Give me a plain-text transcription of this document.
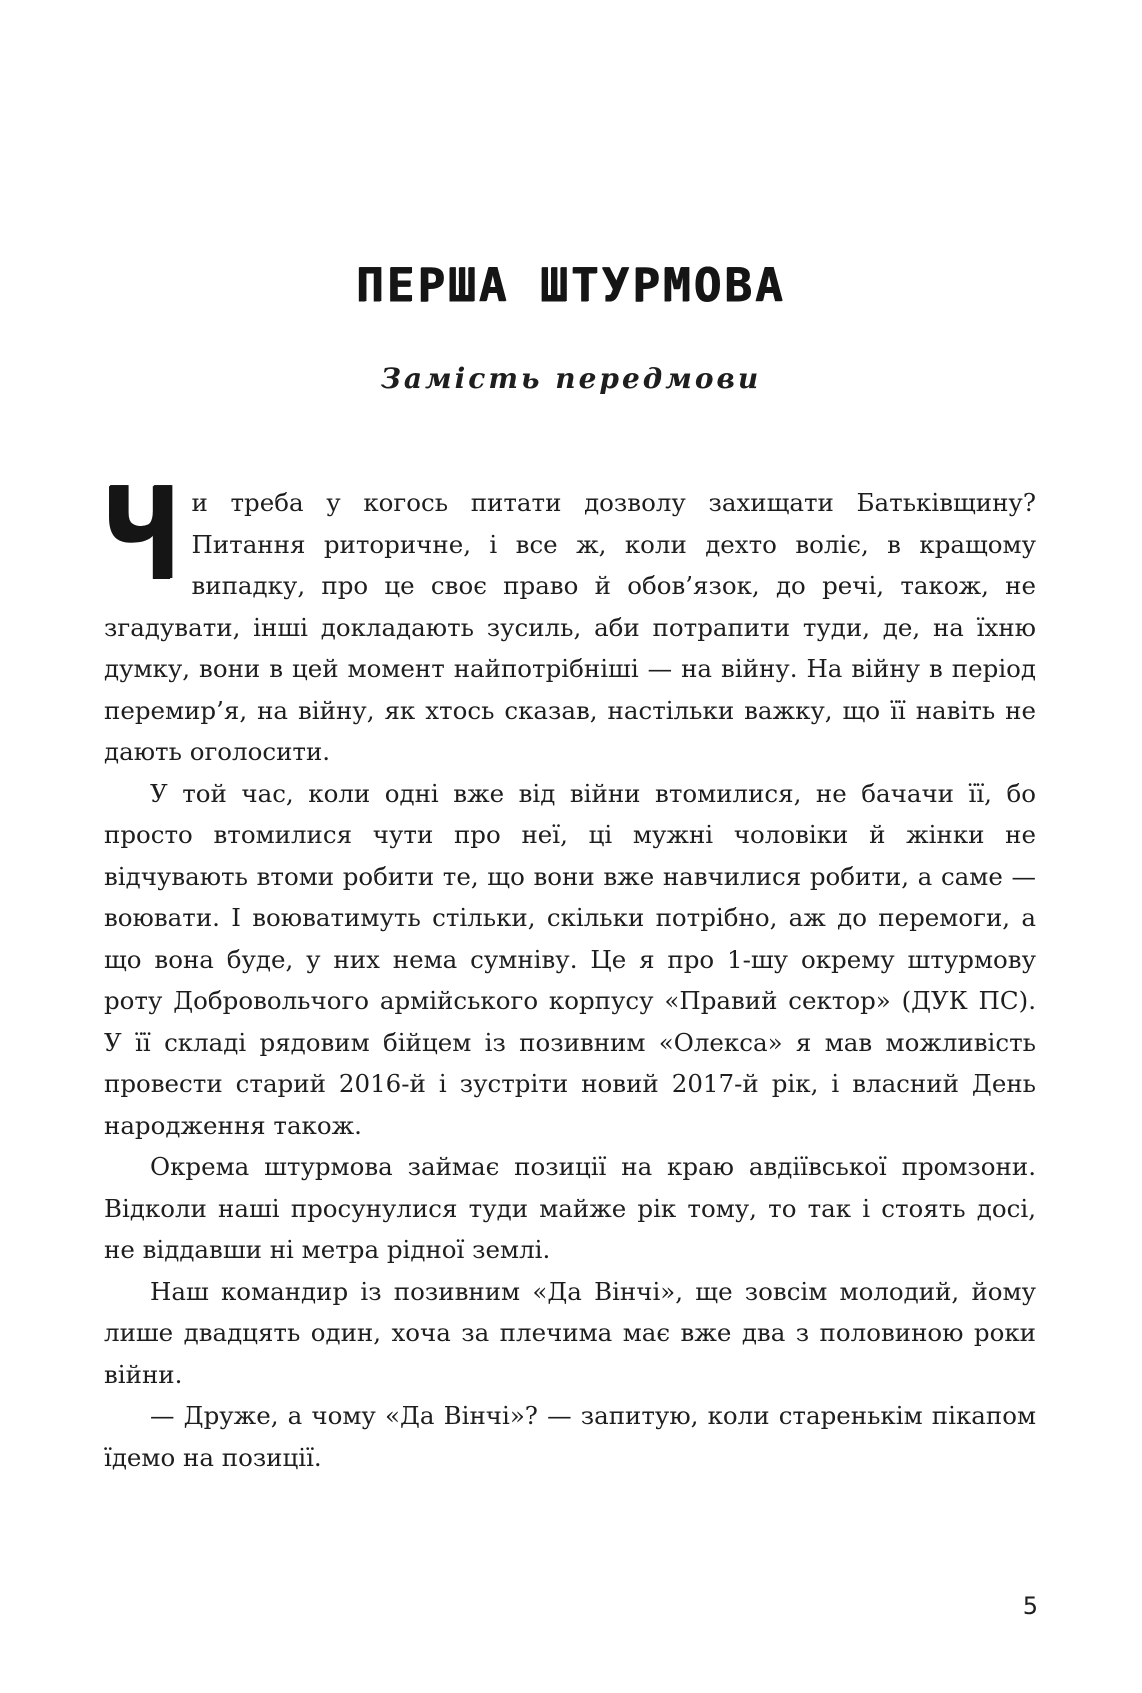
ПЕРША ШТУРМОВА
Замість передмови

Чи треба у когось питати дозволу захищати Батьківщину? Питання риторичне, і все ж, коли дехто воліє, в кращому випадку, про це своє право й обов’язок, до речі, також, не згадувати, інші докладають зусиль, аби потрапити туди, де, на їхню думку, вони в цей момент найпотрібніші — на війну. На війну в період перемир’я, на війну, як хтось сказав, настільки важку, що її навіть не дають оголосити.

У той час, коли одні вже від війни втомилися, не бачачи її, бо просто втомилися чути про неї, ці мужні чоловіки й жінки не відчувають втоми робити те, що вони вже навчилися робити, а саме — воювати. І воюватимуть стільки, скільки потрібно, аж до перемоги, а що вона буде, у них нема сумніву. Це я про 1-шу окрему штурмову роту Добровольчого армійського корпусу «Правий сектор» (ДУК ПС). У її складі рядовим бійцем із позивним «Олекса» я мав можливість провести старий 2016-й і зустріти новий 2017-й рік, і власний День народження також.

Окрема штурмова займає позиції на краю авдіївської промзони. Відколи наші просунулися туди майже рік тому, то так і стоять досі, не віддавши ні метра рідної землі.

Наш командир із позивним «Да Вінчі», ще зовсім молодий, йому лише двадцять один, хоча за плечима має вже два з половиною роки війни.

— Друже, а чому «Да Вінчі»? — запитую, коли старенькім пікапом їдемо на позиції.

5
